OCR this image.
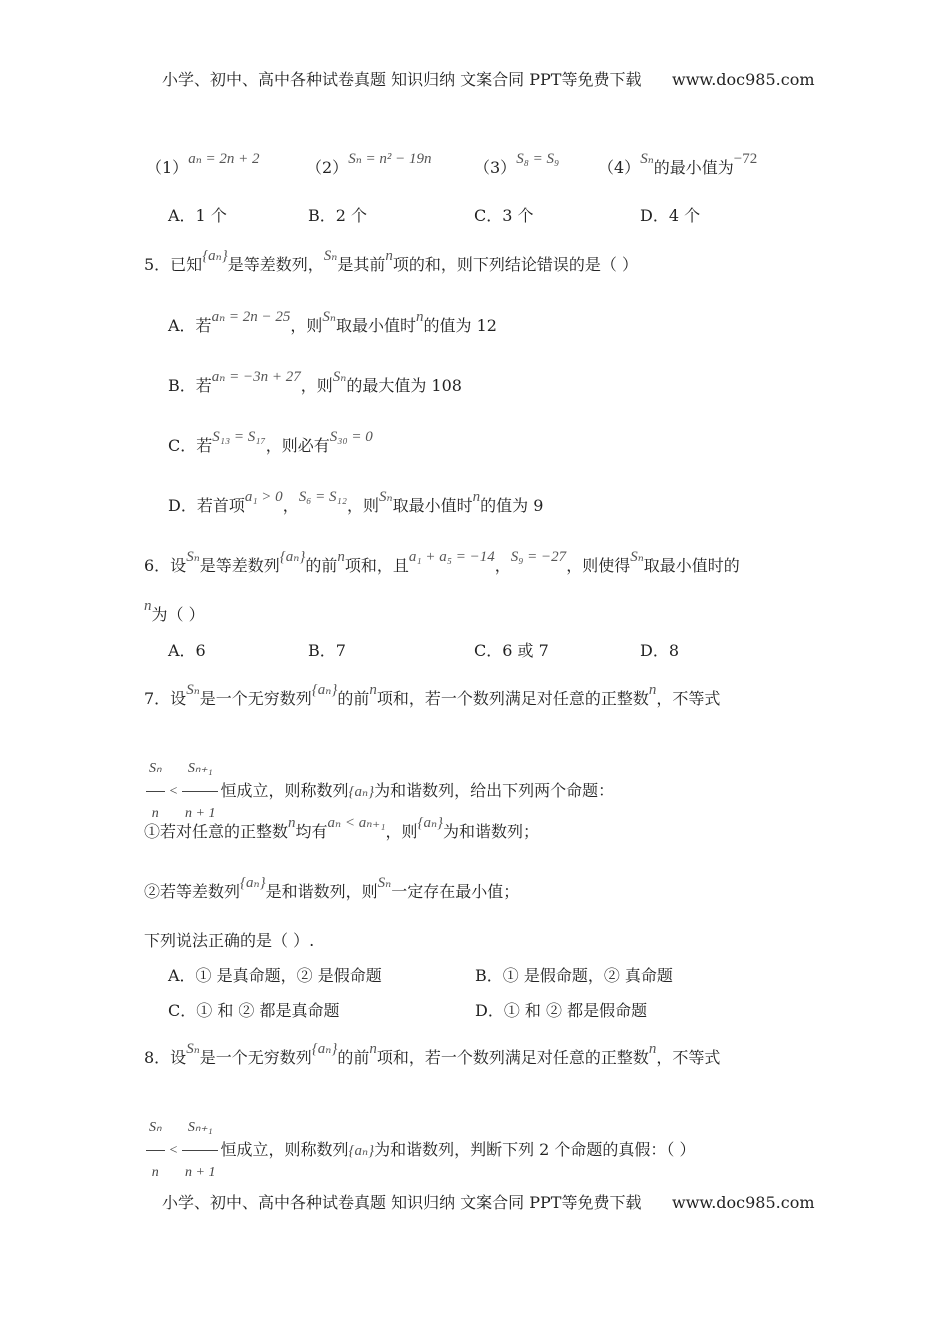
小学、初中、高中各种试卷真题 知识归纳 文案合同 PPT等免费下载 www.doc985.com
（1）aₙ = 2n + 2	（2）Sₙ = n² − 19n	（3）S₈ = S₉ （4）Sₙ的最小值为−72
A．1 个	B．2 个	C．3 个	D．4 个
5．已知{aₙ}是等差数列，Sₙ是其前n项的和，则下列结论错误的是（ ）
A．若aₙ = 2n − 25，则Sₙ取最小值时n的值为 12
B．若aₙ = −3n + 27，则Sₙ的最大值为 108
C．若S₁₃ = S₁₇，则必有S₃₀ = 0
D．若首项a₁ > 0，S₆ = S₁₂，则Sₙ取最小值时n的值为 9
6．设Sₙ是等差数列{aₙ}的前n项和，且a₁ + a₅ = −14，S₉ = −27，则使得Sₙ取最小值时的
n为（ ）
A．6	B．7	C．6 或 7	D．8
7．设Sₙ是一个无穷数列{aₙ}的前n项和，若一个数列满足对任意的正整数n，不等式
$\frac{\text{Sₙ}}{n} < \frac{\text{Sₙ₊₁}}{n + 1}$ 恒成立，则称数列{aₙ}为和谐数列，给出下列两个命题：
①若对任意的正整数n均有aₙ < aₙ₊₁，则{aₙ}为和谐数列；
②若等差数列{aₙ}是和谐数列，则Sₙ一定存在最小值；
下列说法正确的是（ ）.
A．① 是真命题，② 是假命题	B．① 是假命题，② 真命题
C．① 和 ② 都是真命题	D．① 和 ② 都是假命题
8．设Sₙ是一个无穷数列{aₙ}的前n项和，若一个数列满足对任意的正整数n，不等式
$\frac{\text{Sₙ}}{n} < \frac{\text{Sₙ₊₁}}{n + 1}$ 恒成立，则称数列{aₙ}为和谐数列，判断下列 2 个命题的真假：（ ）
小学、初中、高中各种试卷真题 知识归纳 文案合同 PPT等免费下载 www.doc985.com
